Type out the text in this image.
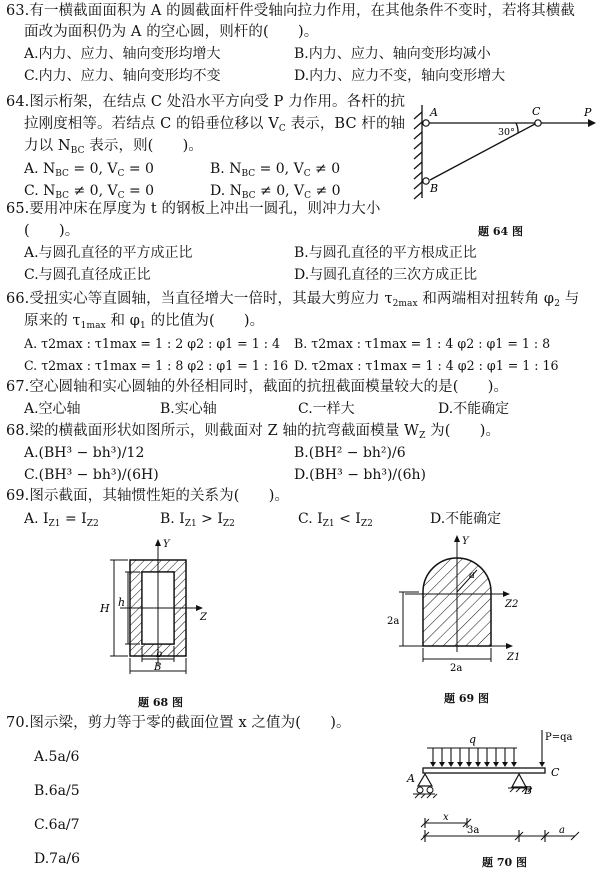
63.有一横截面面积为 A 的圆截面杆件受轴向拉力作用，在其他条件不变时，若将其横截
面改为面积仍为 A 的空心圆，则杆的(　　)。
A.内力、应力、轴向变形均增大	B.内力、应力、轴向变形均减小
C.内力、应力、轴向变形均不变	D.内力、应力不变，轴向变形增大
64.图示桁架，在结点 C 处沿水平方向受 P 力作用。各杆的抗
拉刚度相等。若结点 C 的铅垂位移以 $V_C$ 表示，BC 杆的轴
力以 $N_{BC}$ 表示，则(　　)。
A. $N_{BC} = 0$, $V_C = 0$	B. $N_{BC} = 0$, $V_C \ne 0$
C. $N_{BC} \ne 0$, $V_C = 0$	D. $N_{BC} \ne 0$, $V_C \ne 0$
A
B
C	P
30°
65.要用冲床在厚度为 t 的钢板上冲出一圆孔，则冲力大小
(　　)。	题 64 图
A.与圆孔直径的平方成正比	B.与圆孔直径的平方根成正比
C.与圆孔直径成正比	D.与圆孔直径的三次方成正比
66.受扭实心等直圆轴，当直径增大一倍时，其最大剪应力 $\tau_{2max}$ 和两端相对扭转角 $\varphi_2$ 与
原来的 $\tau_{1max}$ 和 $\varphi_1$ 的比值为(　　)。
A. τ2max : τ1max = 1 : 2 φ2 : φ1 = 1 : 4 B. τ2max : τ1max = 1 : 4 φ2 : φ1 = 1 : 8
C. τ2max : τ1max = 1 : 8 φ2 : φ1 = 1 : 16 D. τ2max : τ1max = 1 : 4 φ2 : φ1 = 1 : 16
67.空心圆轴和实心圆轴的外径相同时，截面的抗扭截面模量较大的是(　　)。
A.空心轴	B.实心轴	C.一样大	D.不能确定
68.梁的横截面形状如图所示，则截面对 Z 轴的抗弯截面模量 $W_Z$ 为(　　)。
A.(BH³ − bh³)/12	B.(BH² − bh²)/6
C.(BH³ − bh³)/(6H)	D.(BH³ − bh³)/(6h)
69.图示截面，其轴惯性矩的关系为(　　)。
A. $I_{Z1} = I_{Z2}$	B. $I_{Z1} > I_{Z2}$	C. $I_{Z1} < I_{Z2}$	D.不能确定
Y
Z
H h
b
B
题 68 图
Y
Z2
Z1
a
2a
2a
题 69 图
70.图示梁，剪力等于零的截面位置 x 之值为(　　)。
A.5a/6
B.6a/5
C.6a/7
D.7a/6
P=qa
q
A
B
C
x
3a	a
题 70 图
